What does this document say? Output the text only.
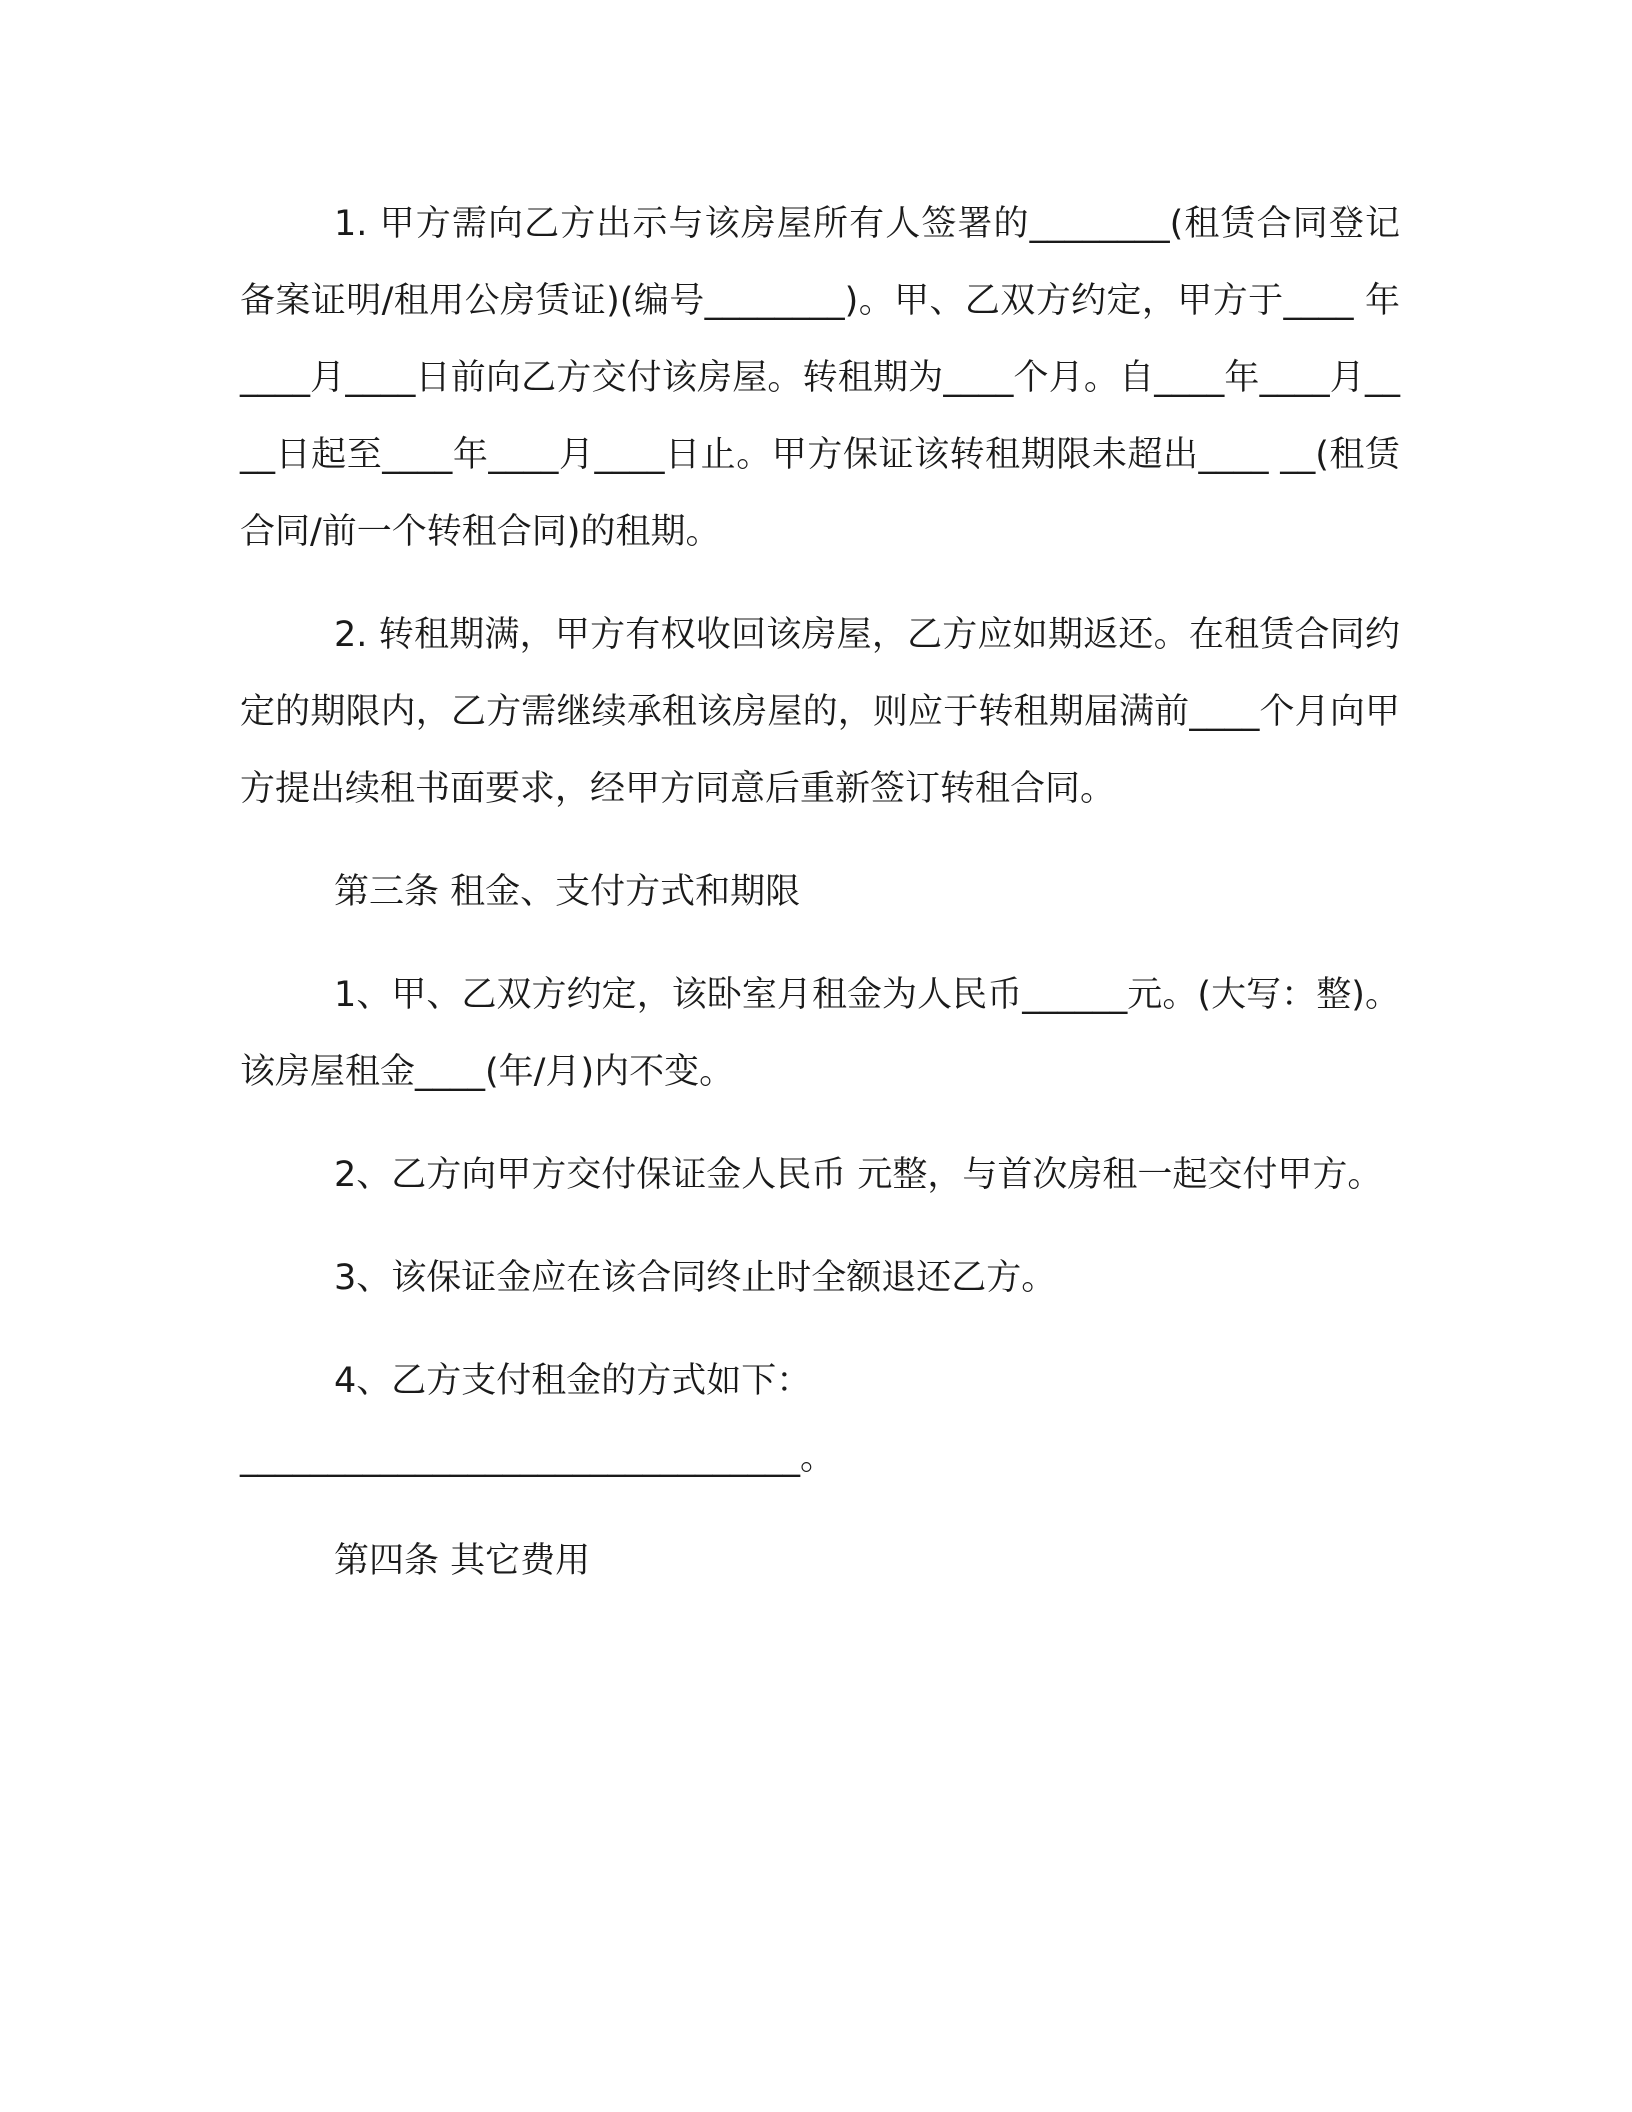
1. 甲方需向乙方出示与该房屋所有人签署的________(租赁合同登记备案证明/租用公房赁证)(编号________)。甲、乙双方约定，甲方于____ 年____月____日前向乙方交付该房屋。转租期为____个月。自____年____月____日起至____年____月____日止。甲方保证该转租期限未超出____ __(租赁合同/前一个转租合同)的租期。

2. 转租期满，甲方有权收回该房屋，乙方应如期返还。在租赁合同约定的期限内，乙方需继续承租该房屋的，则应于转租期届满前____个月向甲方提出续租书面要求，经甲方同意后重新签订转租合同。

第三条 租金、支付方式和期限

1、甲、乙双方约定，该卧室月租金为人民币______元。(大写：整)。该房屋租金____(年/月)内不变。

2、乙方向甲方交付保证金人民币 元整，与首次房租一起交付甲方。

3、该保证金应在该合同终止时全额退还乙方。

4、乙方支付租金的方式如下：

________________________________。

第四条 其它费用
